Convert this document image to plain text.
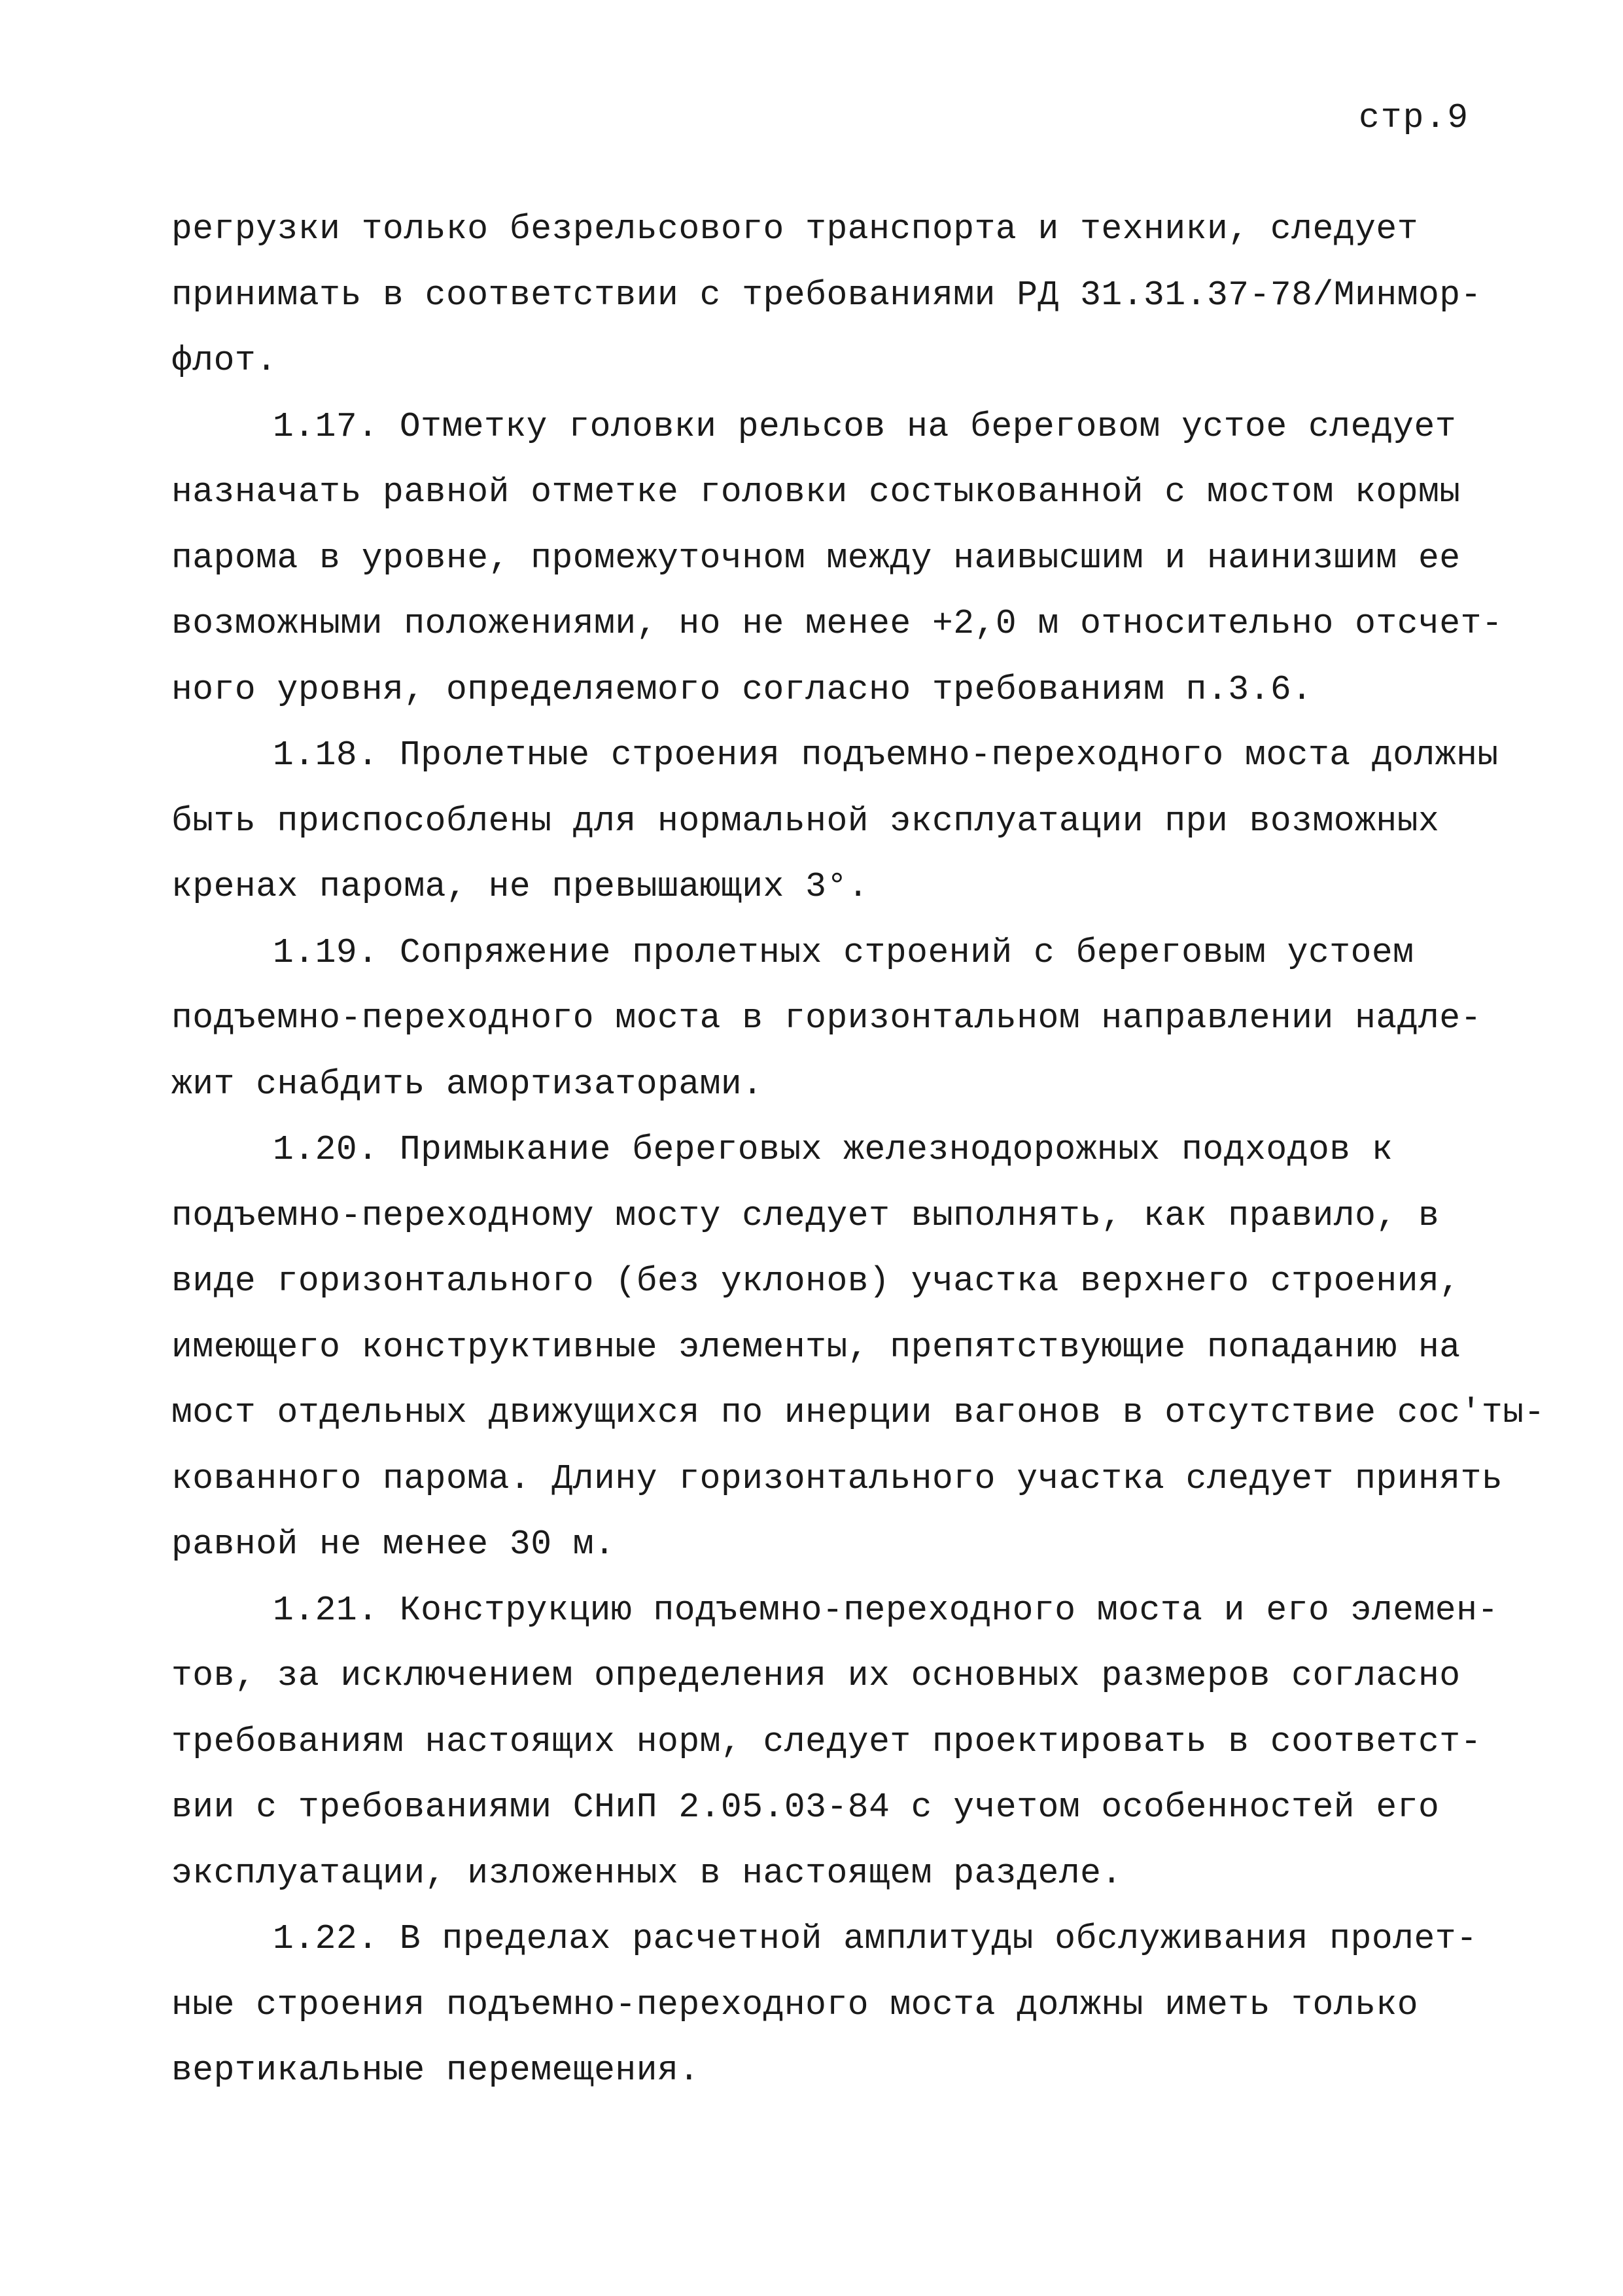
стр.9
регрузки только безрельсового транспорта и техники, следует
принимать в соответствии с требованиями РД 31.31.37-78/Минмор-
флот.
1.17. Отметку головки рельсов на береговом устое следует
назначать равной отметке головки состыкованной с мостом кормы
парома в уровне, промежуточном между наивысшим и наинизшим ее
возможными положениями, но не менее +2,0 м относительно отсчет-
ного уровня, определяемого согласно требованиям п.3.6.
1.18. Пролетные строения подъемно-переходного моста должны
быть приспособлены для нормальной эксплуатации при возможных
кренах парома, не превышающих 3°.
1.19. Сопряжение пролетных строений с береговым устоем
подъемно-переходного моста в горизонтальном направлении надле-
жит снабдить амортизаторами.
1.20. Примыкание береговых железнодорожных подходов к
подъемно-переходному мосту следует выполнять, как правило, в
виде горизонтального (без уклонов) участка верхнего строения,
имеющего конструктивные элементы, препятствующие попаданию на
мост отдельных движущихся по инерции вагонов в отсутствие сос'ты-
кованного парома. Длину горизонтального участка следует принять
равной не менее 30 м.
1.21. Конструкцию подъемно-переходного моста и его элемен-
тов, за исключением определения их основных размеров согласно
требованиям настоящих норм, следует проектировать в соответст-
вии с требованиями СНиП 2.05.03-84 с учетом особенностей его
эксплуатации, изложенных в настоящем разделе.
1.22. В пределах расчетной амплитуды обслуживания пролет-
ные строения подъемно-переходного моста должны иметь только
вертикальные перемещения.
